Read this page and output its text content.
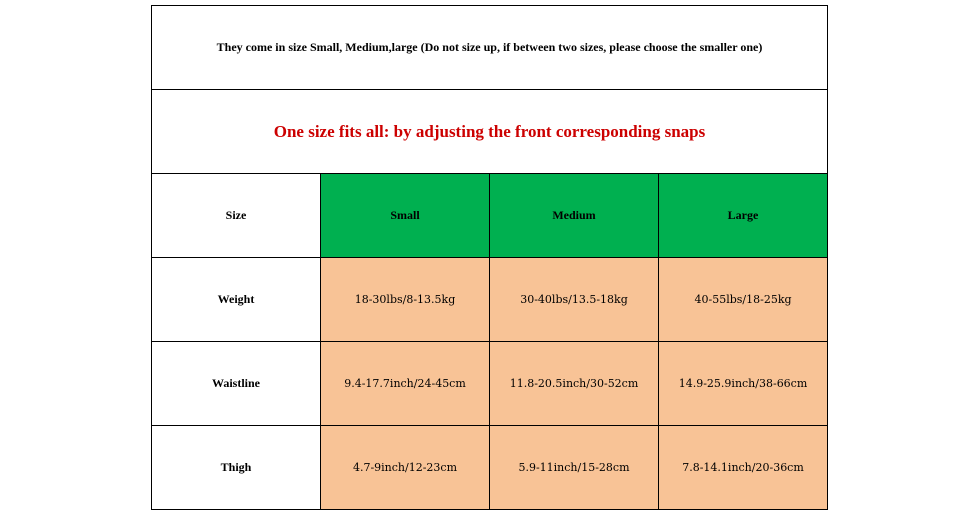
They come in size Small, Medium,large (Do not size up, if between two sizes, please choose the smaller one)			
One size fits all: by adjusting the front corresponding snaps			
Size	Small	Medium	Large
Weight	18-30lbs/8-13.5kg	30-40lbs/13.5-18kg	40-55lbs/18-25kg
Waistline	9.4-17.7inch/24-45cm	11.8-20.5inch/30-52cm	14.9-25.9inch/38-66cm
Thigh	4.7-9inch/12-23cm	5.9-11inch/15-28cm	7.8-14.1inch/20-36cm
